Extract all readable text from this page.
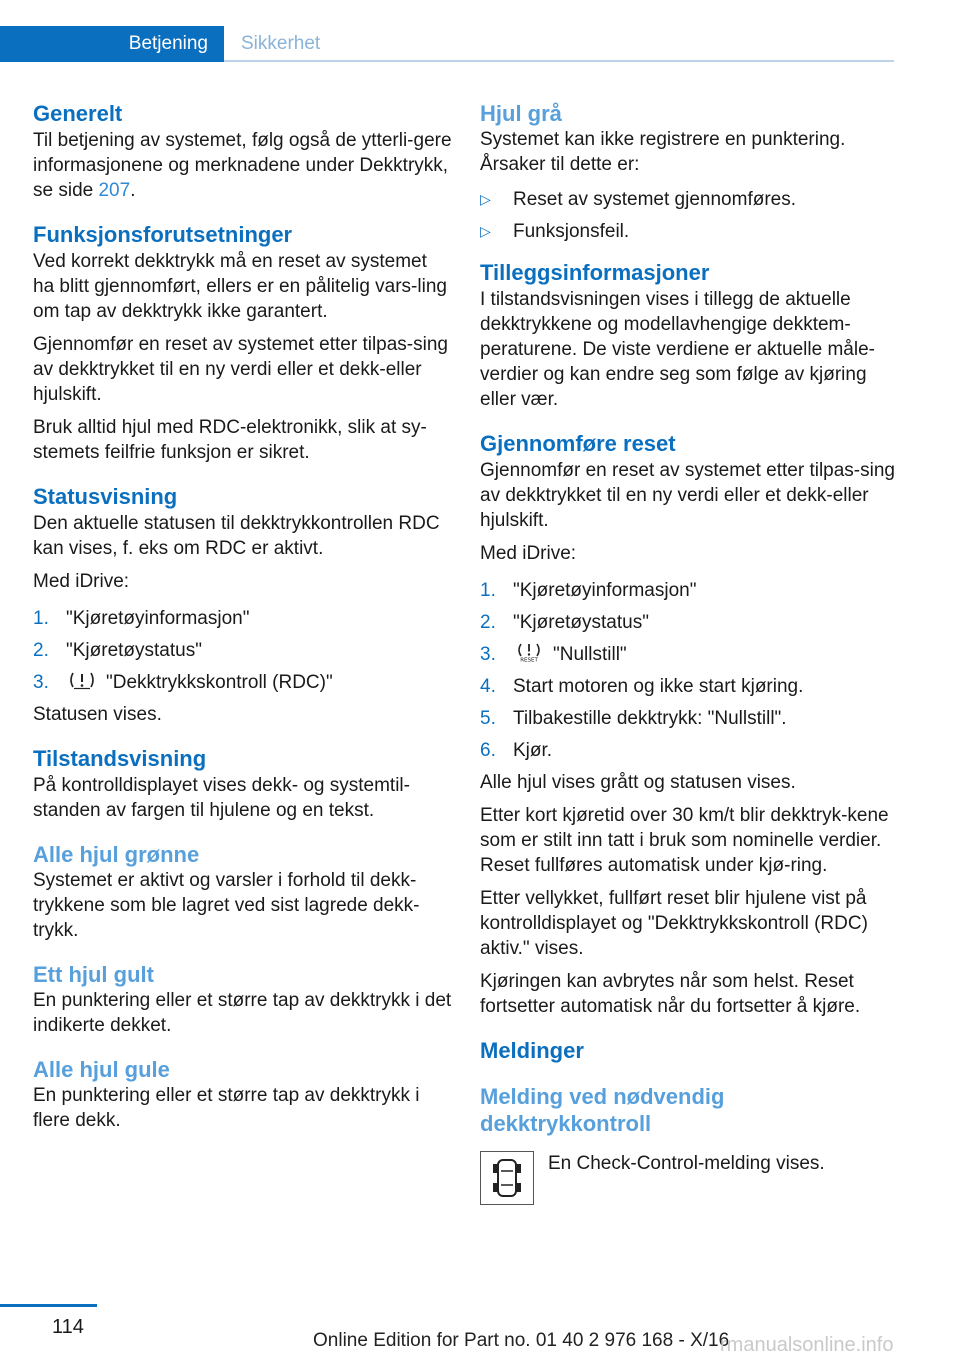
Betjening	Sikkerhet
Generelt

Til betjening av systemet, følg også de ytterli-gere informasjonene og merknadene under Dekktrykk, se side 207.

Funksjonsforutsetninger

Ved korrekt dekktrykk må en reset av systemet ha blitt gjennomført, ellers er en pålitelig vars-ling om tap av dekktrykk ikke garantert.

Gjennomfør en reset av systemet etter tilpas-sing av dekktrykket til en ny verdi eller et dekk-eller hjulskift.

Bruk alltid hjul med RDC-elektronikk, slik at sy-stemets feilfrie funksjon er sikret.

Statusvisning

Den aktuelle statusen til dekktrykkontrollen RDC kan vises, f. eks om RDC er aktivt.

Med iDrive:

1. "Kjøretøyinformasjon"
2. "Kjøretøystatus"
3.	"Dekktrykkskontroll (RDC)"

Statusen vises.

Tilstandsvisning

På kontrolldisplayet vises dekk- og systemtil-standen av fargen til hjulene og en tekst.

Alle hjul grønne

Systemet er aktivt og varsler i forhold til dekk-trykkene som ble lagret ved sist lagrede dekk-trykk.

Ett hjul gult

En punktering eller et større tap av dekktrykk i det indikerte dekket.

Alle hjul gule

En punktering eller et større tap av dekktrykk i flere dekk.

Hjul grå

Systemet kan ikke registrere en punktering. Årsaker til dette er:

▷	Reset av systemet gjennomføres.
▷	Funksjonsfeil.
Tilleggsinformasjoner

I tilstandsvisningen vises i tillegg de aktuelle dekktrykkene og modellavhengige dekktem-peraturene. De viste verdiene er aktuelle måle-verdier og kan endre seg som følge av kjøring eller vær.

Gjennomføre reset

Gjennomfør en reset av systemet etter tilpas-sing av dekktrykket til en ny verdi eller et dekk-eller hjulskift.

Med iDrive:

1. "Kjøretøyinformasjon"
2. "Kjøretøystatus"
3.	RESET "Nullstill"
4. Start motoren og ikke start kjøring.
5. Tilbakestille dekktrykk: "Nullstill".
6. Kjør.

Alle hjul vises grått og statusen vises.

Etter kort kjøretid over 30 km/t blir dekktryk-kene som er stilt inn tatt i bruk som nominelle verdier. Reset fullføres automatisk under kjø-ring.

Etter vellykket, fullført reset blir hjulene vist på kontrolldisplayet og "Dekktrykkskontroll (RDC) aktiv." vises.

Kjøringen kan avbrytes når som helst. Reset fortsetter automatisk når du fortsetter å kjøre.

Meldinger
Melding ved nødvendig dekktrykkontroll

En Check-Control-melding vises.

114
Online Edition for Part no. 01 40 2 976 168 - X/16
rmanualsonline.info
